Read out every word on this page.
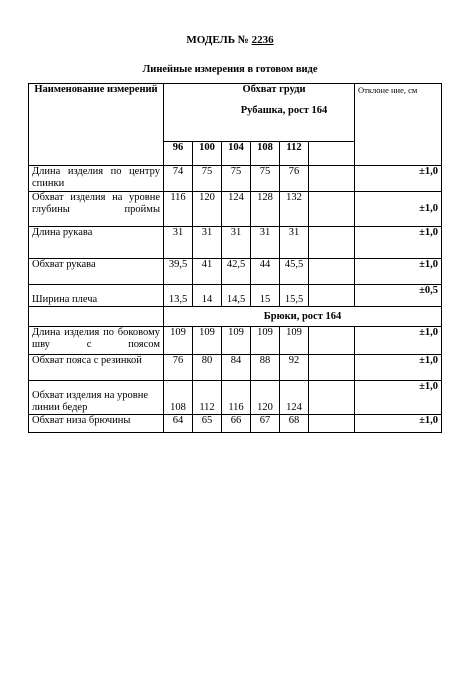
МОДЕЛЬ № 2236
Линейные измерения в готовом виде
Наименование измерений	Обхват груди
Рубашка, рост 164						Отклоне ние, см
	96	100	104	108	112		
Длина изделия по центру спинки	74	75	75	75	76		±1,0
Обхват изделия на уровне глубины проймы	116	120	124	128	132		±1,0
Длина рукава	31	31	31	31	31		±1,0
Обхват рукава	39,5	41	42,5	44	45,5		±1,0
Ширина плеча	13,5	14	14,5	15	15,5		±0,5
	Брюки, рост 164						
Длина изделия по боковому шву с поясом	109	109	109	109	109		±1,0
Обхват пояса с резинкой	76	80	84	88	92		±1,0
Обхват изделия на уровне линии бедер	108	112	116	120	124		±1,0
Обхват низа брючины	64	65	66	67	68		±1,0
